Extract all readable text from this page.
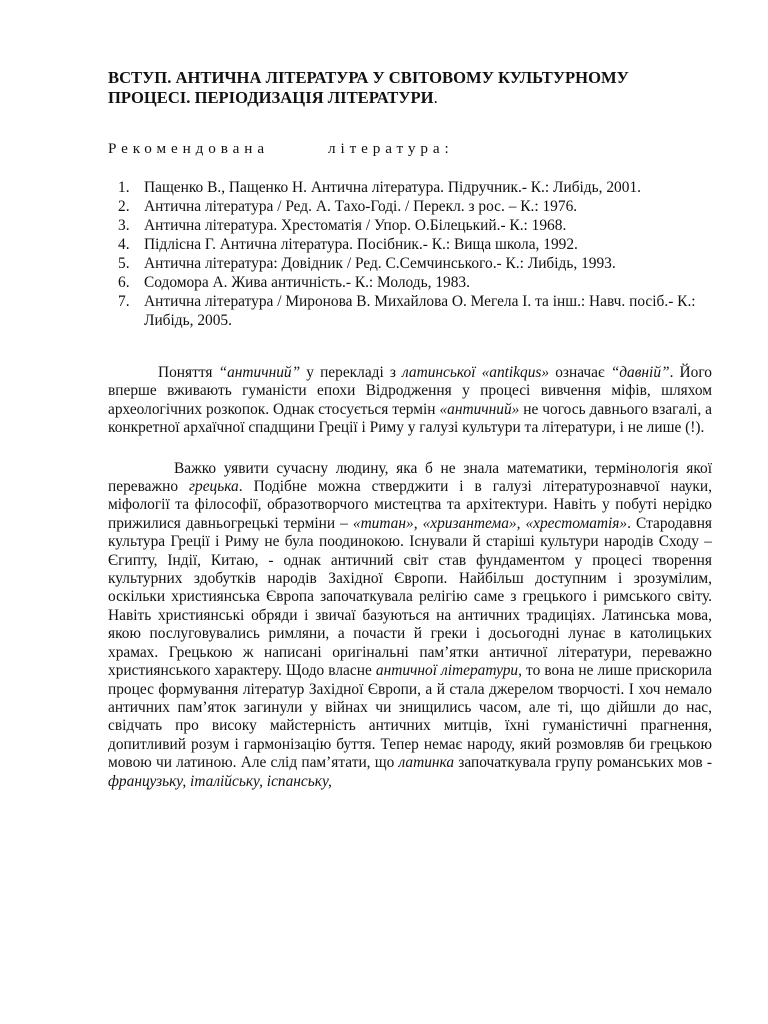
ВСТУП. АНТИЧНА ЛІТЕРАТУРА У СВІТОВОМУ КУЛЬТУРНОМУ ПРОЦЕСІ. ПЕРІОДИЗАЦІЯ ЛІТЕРАТУРИ.
Рекомендована	література:
1. Пащенко В., Пащенко Н. Антична література. Підручник.- К.: Либідь, 2001.
2. Антична література / Ред. А. Тахо-Годі. / Перекл. з рос. – К.: 1976.
3. Антична література. Хрестоматія / Упор. О.Білецький.- К.: 1968.
4. Підлісна Г. Антична література. Посібник.- К.: Вища школа, 1992.
5. Антична література: Довідник / Ред. С.Семчинського.- К.: Либідь, 1993.
6. Содомора А. Жива античність.- К.: Молодь, 1983.
7. Антична література / Миронова В. Михайлова О. Мегела І. та інш.: Навч. посіб.- К.: Либідь, 2005.

Поняття “античний” у перекладі з латинської «antikqus» означає “давній”. Його вперше вживають гуманісти епохи Відродження у процесі вивчення міфів, шляхом археологічних розкопок. Однак стосується термін «античний» не чогось давнього взагалі, а конкретної архаїчної спадщини Греції і Риму у галузі культури та літератури, і не лише (!).

Важко уявити сучасну людину, яка б не знала математики, термінологія якої переважно грецька. Подібне можна стверджити і в галузі літературознавчої науки, міфології та філософії, образотворчого мистецтва та архітектури. Навіть у побуті нерідко прижилися давньогрецькі терміни – «титан», «хризантема», «хрестоматія». Стародавня культура Греції і Риму не була поодинокою. Існували й старіші культури народів Сходу – Єгипту, Індії, Китаю, - однак античний світ став фундаментом у процесі творення культурних здобутків народів Західної Європи. Найбільш доступним і зрозумілим, оскільки християнська Європа започаткувала релігію саме з грецького і римського світу. Навіть християнські обряди і звичаї базуються на античних традиціях. Латинська мова, якою послуговувались римляни, а почасти й греки і досьогодні лунає в католицьких храмах. Грецькою ж написані оригінальні пам’ятки античної літератури, переважно християнського характеру. Щодо власне античної літератури, то вона не лише прискорила процес формування літератур Західної Європи, а й стала джерелом творчості. І хоч немало античних пам’яток загинули у війнах чи знищились часом, але ті, що дійшли до нас, свідчать про високу майстерність античних митців, їхні гуманістичні прагнення, допитливий розум і гармонізацію буття. Тепер немає народу, який розмовляв би грецькою мовою чи латиною. Але слід пам’ятати, що латинка започаткувала групу романських мов - французьку, італійську, іспанську,
